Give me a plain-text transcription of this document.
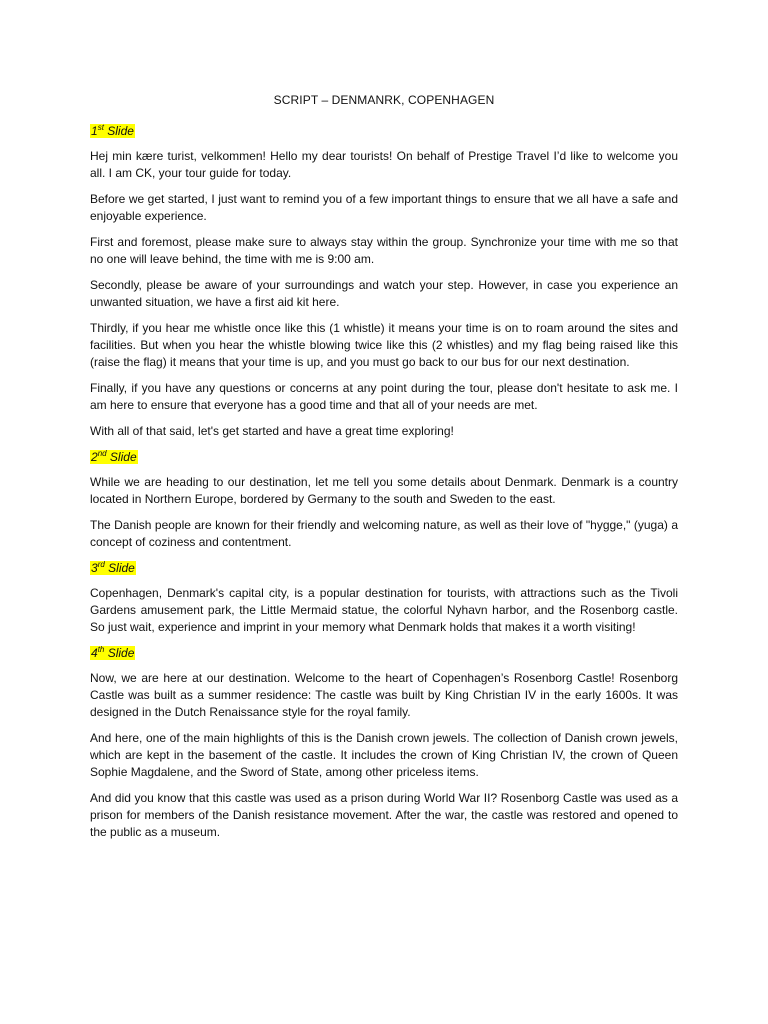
SCRIPT – DENMANRK, COPENHAGEN
1st Slide

Hej min kære turist, velkommen! Hello my dear tourists! On behalf of Prestige Travel I’d like to welcome you all. I am CK, your tour guide for today.

Before we get started, I just want to remind you of a few important things to ensure that we all have a safe and enjoyable experience.

First and foremost, please make sure to always stay within the group. Synchronize your time with me so that no one will leave behind, the time with me is 9:00 am.

Secondly, please be aware of your surroundings and watch your step. However, in case you experience an unwanted situation, we have a first aid kit here.

Thirdly, if you hear me whistle once like this (1 whistle) it means your time is on to roam around the sites and facilities. But when you hear the whistle blowing twice like this (2 whistles) and my flag being raised like this (raise the flag) it means that your time is up, and you must go back to our bus for our next destination.

Finally, if you have any questions or concerns at any point during the tour, please don't hesitate to ask me. I am here to ensure that everyone has a good time and that all of your needs are met.

With all of that said, let's get started and have a great time exploring!

2nd Slide

While we are heading to our destination, let me tell you some details about Denmark. Denmark is a country located in Northern Europe, bordered by Germany to the south and Sweden to the east.

The Danish people are known for their friendly and welcoming nature, as well as their love of "hygge," (yuga) a concept of coziness and contentment.

3rd Slide

Copenhagen, Denmark's capital city, is a popular destination for tourists, with attractions such as the Tivoli Gardens amusement park, the Little Mermaid statue, the colorful Nyhavn harbor, and the Rosenborg castle. So just wait, experience and imprint in your memory what Denmark holds that makes it a worth visiting!

4th Slide

Now, we are here at our destination. Welcome to the heart of Copenhagen’s Rosenborg Castle! Rosenborg Castle was built as a summer residence: The castle was built by King Christian IV in the early 1600s. It was designed in the Dutch Renaissance style for the royal family.

And here, one of the main highlights of this is the Danish crown jewels. The collection of Danish crown jewels, which are kept in the basement of the castle. It includes the crown of King Christian IV, the crown of Queen Sophie Magdalene, and the Sword of State, among other priceless items.

And did you know that this castle was used as a prison during World War II? Rosenborg Castle was used as a prison for members of the Danish resistance movement. After the war, the castle was restored and opened to the public as a museum.
